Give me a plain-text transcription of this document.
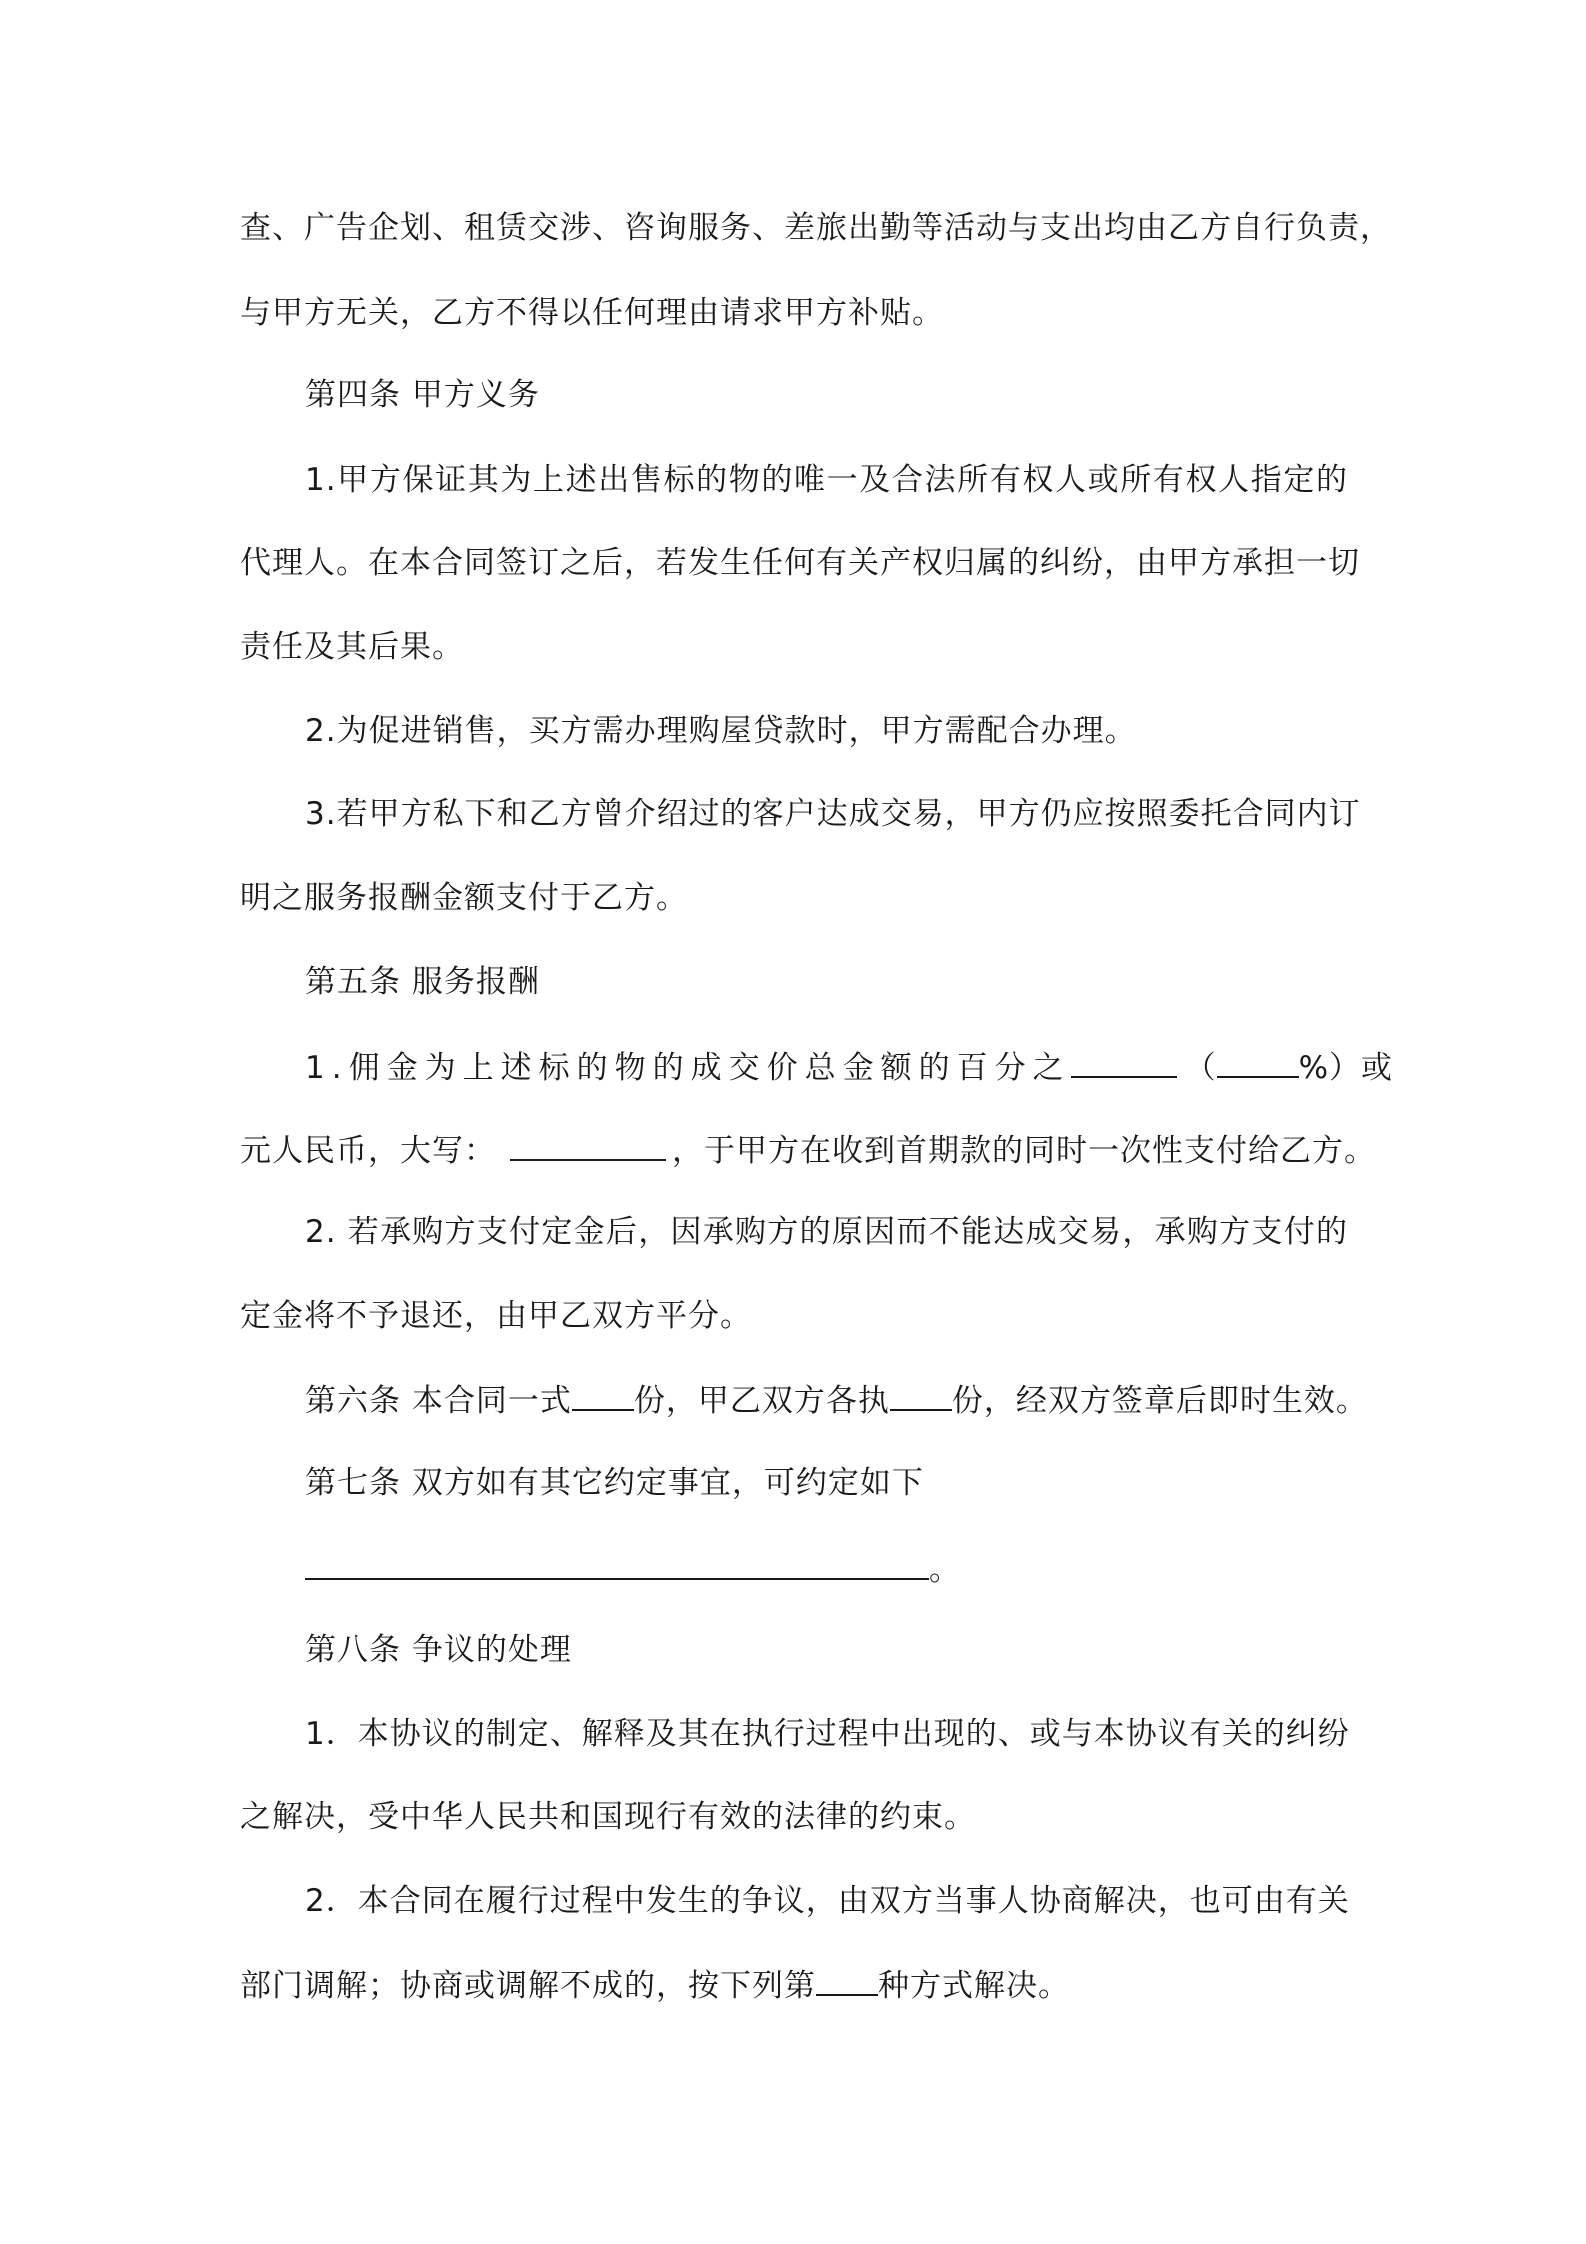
查、广告企划、租赁交涉、咨询服务、差旅出勤等活动与支出均由乙方自行负责，
与甲方无关，乙方不得以任何理由请求甲方补贴。
第四条 甲方义务
1.甲方保证其为上述出售标的物的唯一及合法所有权人或所有权人指定的
代理人。在本合同签订之后，若发生任何有关产权归属的纠纷，由甲方承担一切
责任及其后果。
2.为促进销售，买方需办理购屋贷款时，甲方需配合办理。
3.若甲方私下和乙方曾介绍过的客户达成交易，甲方仍应按照委托合同内订
明之服务报酬金额支付于乙方。
第五条 服务报酬
1.佣金为上述标的物的成交价总金额的百分之	（	%）或
元人民币，大写：	，于甲方在收到首期款的同时一次性支付给乙方。
2. 若承购方支付定金后，因承购方的原因而不能达成交易，承购方支付的
定金将不予退还，由甲乙双方平分。
第六条 本合同一式 份，甲乙双方各执 份，经双方签章后即时生效。
第七条 双方如有其它约定事宜，可约定如下
。
第八条 争议的处理
1．本协议的制定、解释及其在执行过程中出现的、或与本协议有关的纠纷
之解决，受中华人民共和国现行有效的法律的约束。
2．本合同在履行过程中发生的争议，由双方当事人协商解决，也可由有关
部门调解；协商或调解不成的，按下列第 种方式解决。
